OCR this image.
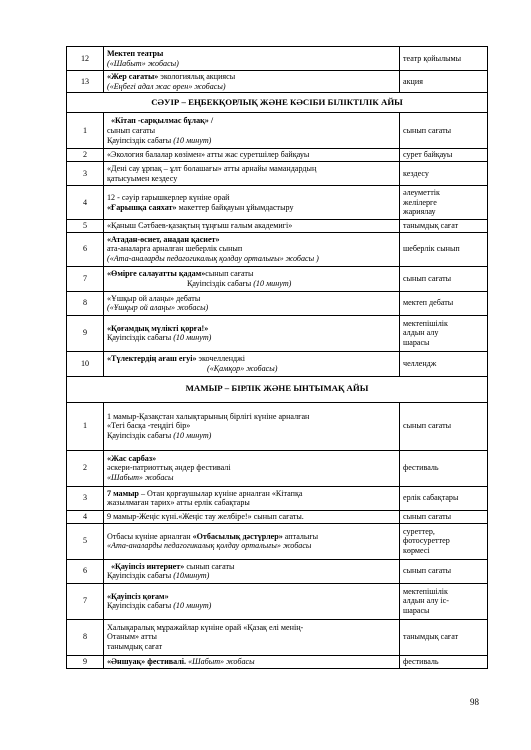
12	Мектеп театры
(«Шабыт» жобасы)	театр қойылымы

13	«Жер сағаты» экологиялық акциясы
(«Еңбегі адал жас өрен» жобасы)	акция

СӘУІР – ЕҢБЕКҚОРЛЫҚ ЖӘНЕ КӘСІБИ БІЛІКТІЛІК АЙЫ		
1	«Кітап -сарқылмас бұлақ» /
сынып сағаты
Қауіпсіздік сабағы (10 минут)	сынып сағаты

2	«Экология балалар көзімен» атты жас суретшілер байқауы	сурет байқауы

3	«Дені сау ұрпақ – ұлт болашағы» атты арнайы мамандардың
қатысуымен кездесу	кездесу

4	12 - сәуір ғарышкерлер күніне орай
«Ғарышқа саяхат» макеттер байқауын ұйымдастыру	әлеуметтік
желілерге
жариялау

5	«Қаныш Сәтбаев-қазақтың тұңғыш ғалым академигі»	танымдық сағат

6	«Атадан-өсиет, анадан қасиет»
ата-аналарға арналған шеберлік сынып
(«Ата-аналарды педагогикалық қолдау орталығы» жобасы )	шеберлік сынып

7	«Өмірге салауатты қадам»сынып сағаты
Қауіпсіздік сабағы (10 минут)	сынып сағаты

8	«Ұшқыр ой алаңы» дебаты
(«Ұшқыр ой алаңы» жобасы)	мектеп дебаты

9	«Қоғамдық мүлікті қорға!»
Қауіпсіздік сабағы (10 минут)	мектепішілік
алдын алу
шарасы

10	«Түлектердің ағаш егуі» экочелленджі
(«Қамқор» жобасы)	челлендж

МАМЫР – БІРЛІК ЖӘНЕ ЫНТЫМАҚ АЙЫ		
1	1 мамыр-Қазақстан халықтарының бірлігі күніне арналған
«Тегі басқа -теңдігі бір»
Қауіпсіздік сабағы (10 минут)	сынып сағаты

2	«Жас сарбаз»
әскери-патриоттық әндер фестивалі
«Шабыт» жобасы	фестиваль

3	7 мамыр – Отан қорғаушылар күніне арналған «Кітапқа
жазылмаған тарих» атты ерлік сабақтары	ерлік сабақтары

4	9 мамыр-Жеңіс күні.«Жеңіс тау желбіре!» сынып сағаты.	сынып сағаты

5	Отбасы күніне арналған «Отбасылық дәстүрлер» апталығы
«Ата-аналарды педагогикалық қолдау орталығы» жобасы	суреттер,
фотосуреттер
көрмесі

6	«Қауіпсіз интернет» сынып сағаты
Қауіпсіздік сабағы (10минут)	сынып сағаты

7	«Қауіпсіз қоғам»
Қауіпсіздік сабағы (10 минут)	мектепішілік
алдын алу іс-
шарасы

8	Халықаралық мұражайлар күніне орай «Қазақ елі менің-
Отаным» атты
танымдық сағат	танымдық сағат

9	«Әншуақ» фестивалі. «Шабыт» жобасы	фестиваль
98
